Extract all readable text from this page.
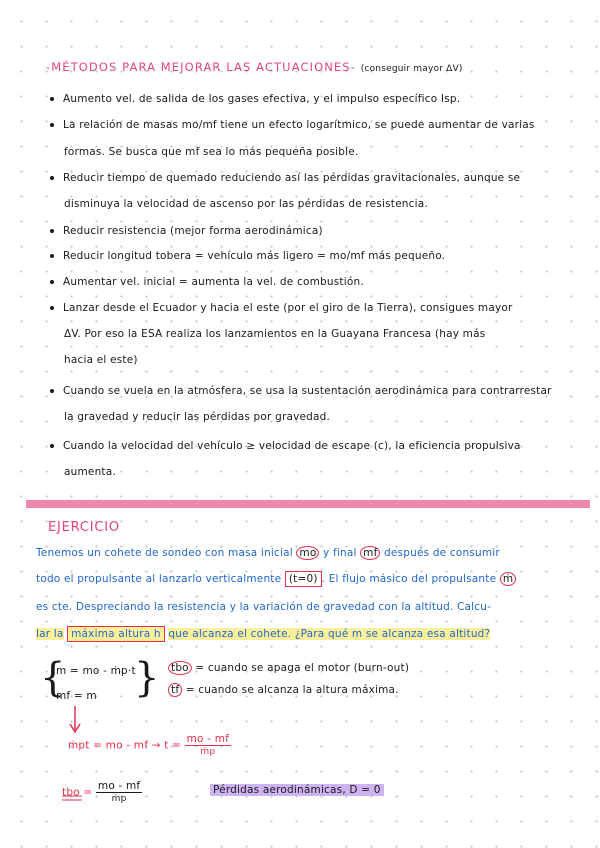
-MÉTODOS PARA MEJORAR LAS ACTUACIONES- (conseguir mayor ΔV)
Aumento vel. de salida de los gases efectiva, y el impulso específico Isp.
La relación de masas mo/mf tiene un efecto logarítmico, se puede aumentar de varias
formas. Se busca que mf sea lo más pequeña posible.
Reducir tiempo de quemado reduciendo así las pérdidas gravitacionales, aunque se
disminuya la velocidad de ascenso por las pérdidas de resistencia.
Reducir resistencia (mejor forma aerodinámica)
Reducir longitud tobera = vehículo más ligero = mo/mf más pequeño.
Aumentar vel. inicial = aumenta la vel. de combustión.
Lanzar desde el Ecuador y hacia el este (por el giro de la Tierra), consigues mayor
ΔV. Por eso la ESA realiza los lanzamientos en la Guayana Francesa (hay más
hacia el este)
Cuando se vuela en la atmósfera, se usa la sustentación aerodinámica para contrarrestar
la gravedad y reducir las pérdidas por gravedad.
Cuando la velocidad del vehículo ≥ velocidad de escape (c), la eficiencia propulsiva
aumenta.
EJERCICIO
Tenemos un cohete de sondeo con masa inicial mo y final mf después de consumir
todo el propulsante al lanzarlo verticalmente (t=0) . El flujo másico del propulsante ṁ
es cte. Despreciando la resistencia y la variación de gravedad con la altitud. Calcu-
lar la máxima altura h que alcanza el cohete. ¿Para qué m se alcanza esa altitud?
{ }
m = mo - ṁp·t
mf = m
tbo = cuando se apaga el motor (burn-out)
tf = cuando se alcanza la altura máxima.
ṁpt = mo - mf → $t = \frac{mo - mf}{\text{ṁp}}$
tbo = $\frac{mo - mf}{\text{ṁp}}$	Pérdidas aerodinámicas, D = 0
